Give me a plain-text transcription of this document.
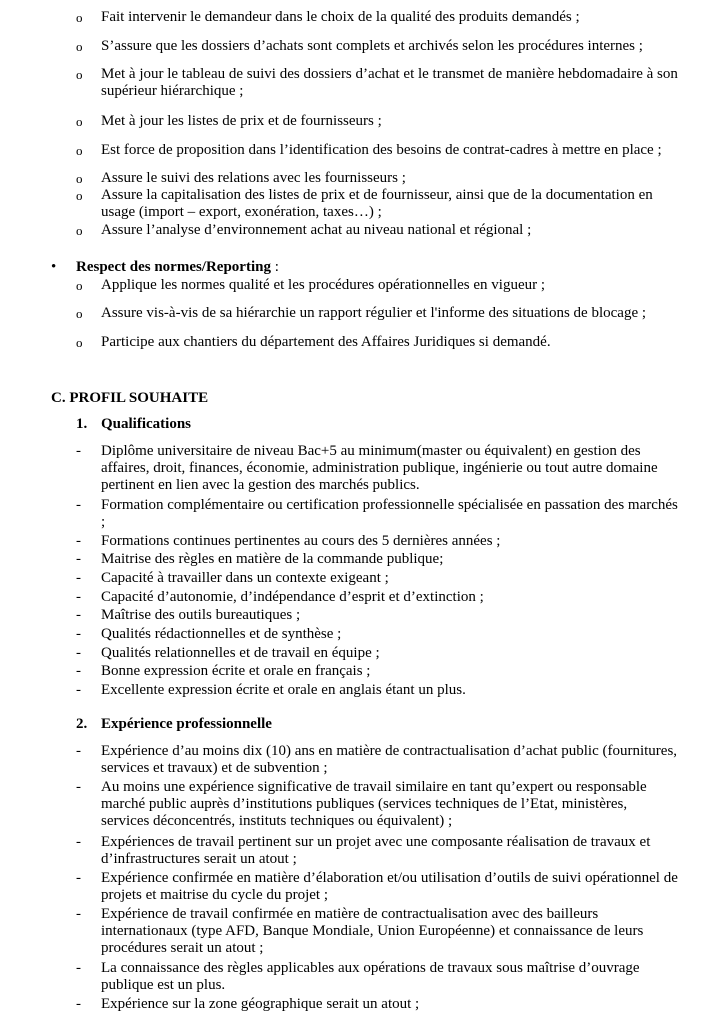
o Fait intervenir le demandeur dans le choix de la qualité des produits demandés ;
o S’assure que les dossiers d’achats sont complets et archivés selon les procédures internes ;
o Met à jour le tableau de suivi des dossiers d’achat et le transmet de manière hebdomadaire à son supérieur hiérarchique ;
o Met à jour les listes de prix et de fournisseurs ;
o Est force de proposition dans l’identification des besoins de contrat-cadres à mettre en place ;
o Assure le suivi des relations avec les fournisseurs ;
o Assure la capitalisation des listes de prix et de fournisseur, ainsi que de la documentation en usage (import – export, exonération, taxes…) ;
o Assure l’analyse d’environnement achat au niveau national et régional ;
• Respect des normes/Reporting :
o Applique les normes qualité et les procédures opérationnelles en vigueur ;
o Assure vis-à-vis de sa hiérarchie un rapport régulier et l'informe des situations de blocage ;
o Participe aux chantiers du département des Affaires Juridiques si demandé.
C. PROFIL SOUHAITE
1. Qualifications
- Diplôme universitaire de niveau Bac+5 au minimum(master ou équivalent) en gestion des affaires, droit, finances, économie, administration publique, ingénierie ou tout autre domaine pertinent en lien avec la gestion des marchés publics.
- Formation complémentaire ou certification professionnelle spécialisée en passation des marchés ;
- Formations continues pertinentes au cours des 5 dernières années ;
- Maitrise des règles en matière de la commande publique;
- Capacité à travailler dans un contexte exigeant ;
- Capacité d’autonomie, d’indépendance d’esprit et d’extinction ;
- Maîtrise des outils bureautiques ;
- Qualités rédactionnelles et de synthèse ;
- Qualités relationnelles et de travail en équipe ;
- Bonne expression écrite et orale en français ;
- Excellente expression écrite et orale en anglais étant un plus.
2. Expérience professionnelle
- Expérience d’au moins dix (10) ans en matière de contractualisation d’achat public (fournitures, services et travaux) et de subvention ;
- Au moins une expérience significative de travail similaire en tant qu’expert ou responsable marché public auprès d’institutions publiques (services techniques de l’Etat, ministères, services déconcentrés, instituts techniques ou équivalent) ;
- Expériences de travail pertinent sur un projet avec une composante réalisation de travaux et d’infrastructures serait un atout ;
- Expérience confirmée en matière d’élaboration et/ou utilisation d’outils de suivi opérationnel de projets et maitrise du cycle du projet ;
- Expérience de travail confirmée en matière de contractualisation avec des bailleurs internationaux (type AFD, Banque Mondiale, Union Européenne) et connaissance de leurs procédures serait un atout ;
- La connaissance des règles applicables aux opérations de travaux sous maîtrise d’ouvrage publique est un plus.
- Expérience sur la zone géographique serait un atout ;
